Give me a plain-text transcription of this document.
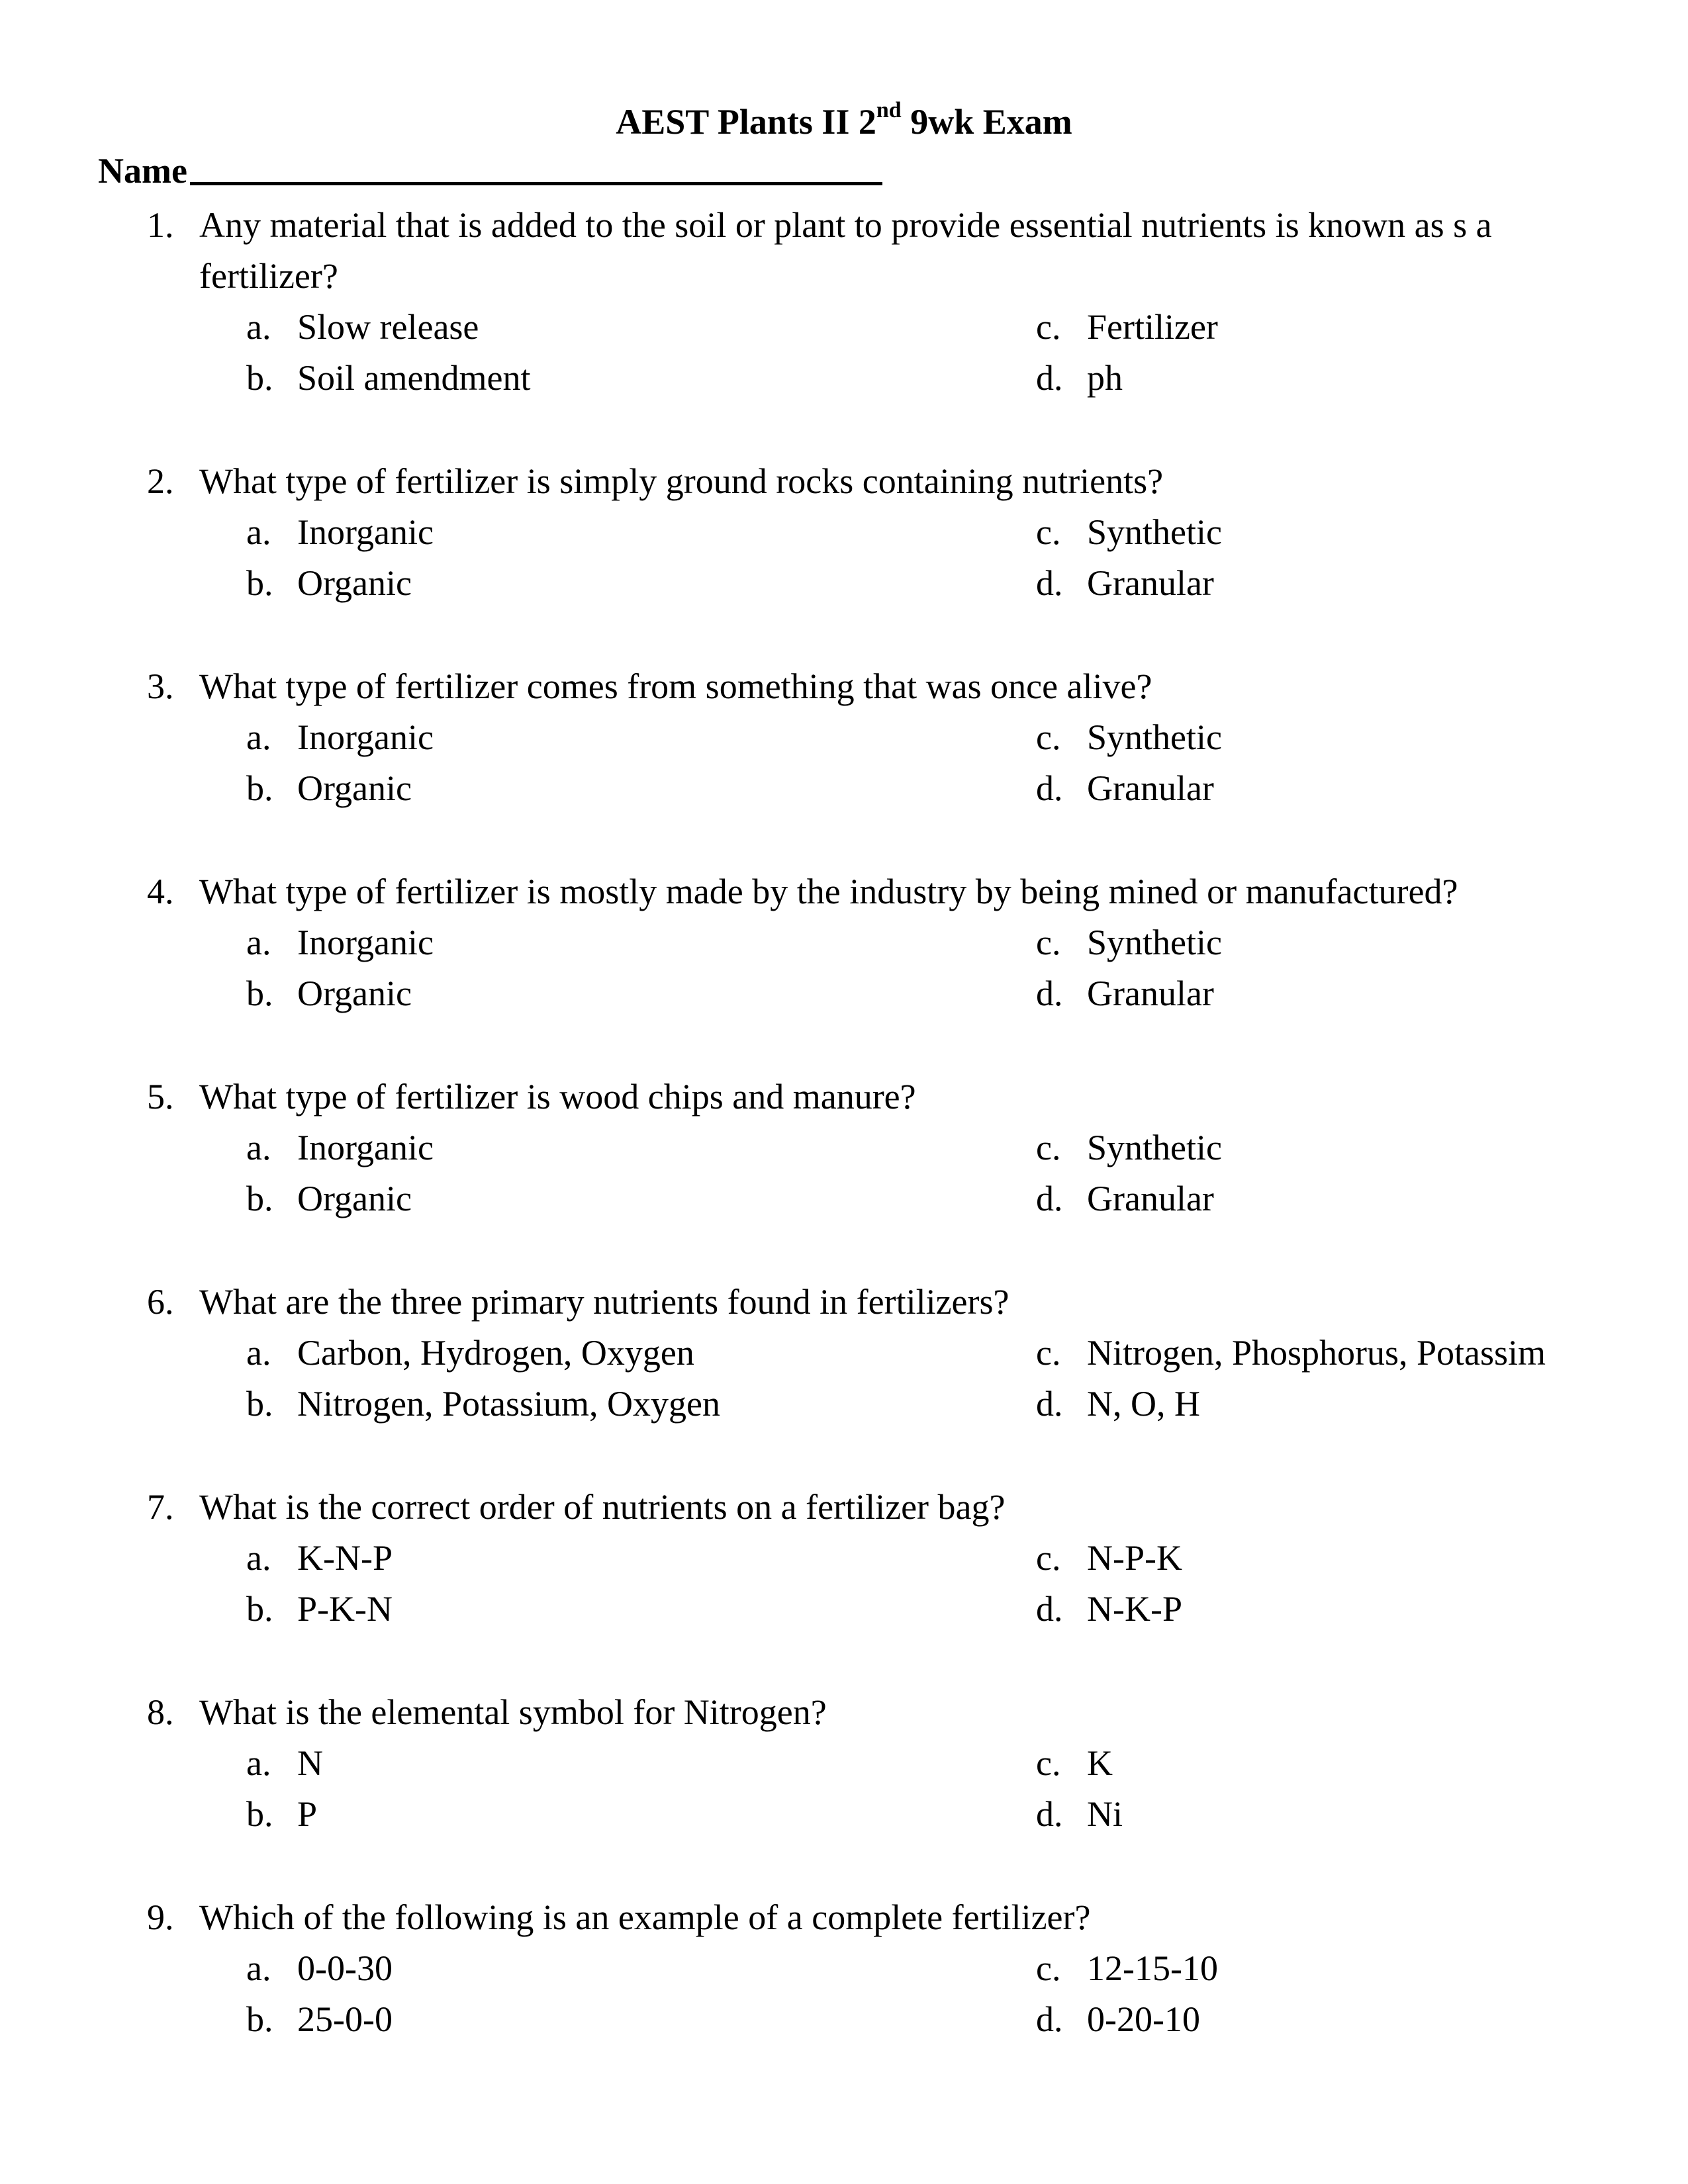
AEST Plants II 2nd 9wk Exam
Name
1. Any material that is added to the soil or plant to provide essential nutrients is known as s a fertilizer?
a. Slow release	c. Fertilizer
b. Soil amendment	d. ph
2. What type of fertilizer is simply ground rocks containing nutrients?
a. Inorganic	c. Synthetic
b. Organic	d. Granular
3. What type of fertilizer comes from something that was once alive?
a. Inorganic	c. Synthetic
b. Organic	d. Granular
4. What type of fertilizer is mostly made by the industry by being mined or manufactured?
a. Inorganic	c. Synthetic
b. Organic	d. Granular
5. What type of fertilizer is wood chips and manure?
a. Inorganic	c. Synthetic
b. Organic	d. Granular
6. What are the three primary nutrients found in fertilizers?
a. Carbon, Hydrogen, Oxygen	c. Nitrogen, Phosphorus, Potassim
b. Nitrogen, Potassium, Oxygen	d. N, O, H
7. What is the correct order of nutrients on a fertilizer bag?
a. K-N-P	c. N-P-K
b. P-K-N	d. N-K-P
8. What is the elemental symbol for Nitrogen?
a. N	c. K
b. P	d. Ni
9. Which of the following is an example of a complete fertilizer?
a. 0-0-30	c. 12-15-10
b. 25-0-0	d. 0-20-10
